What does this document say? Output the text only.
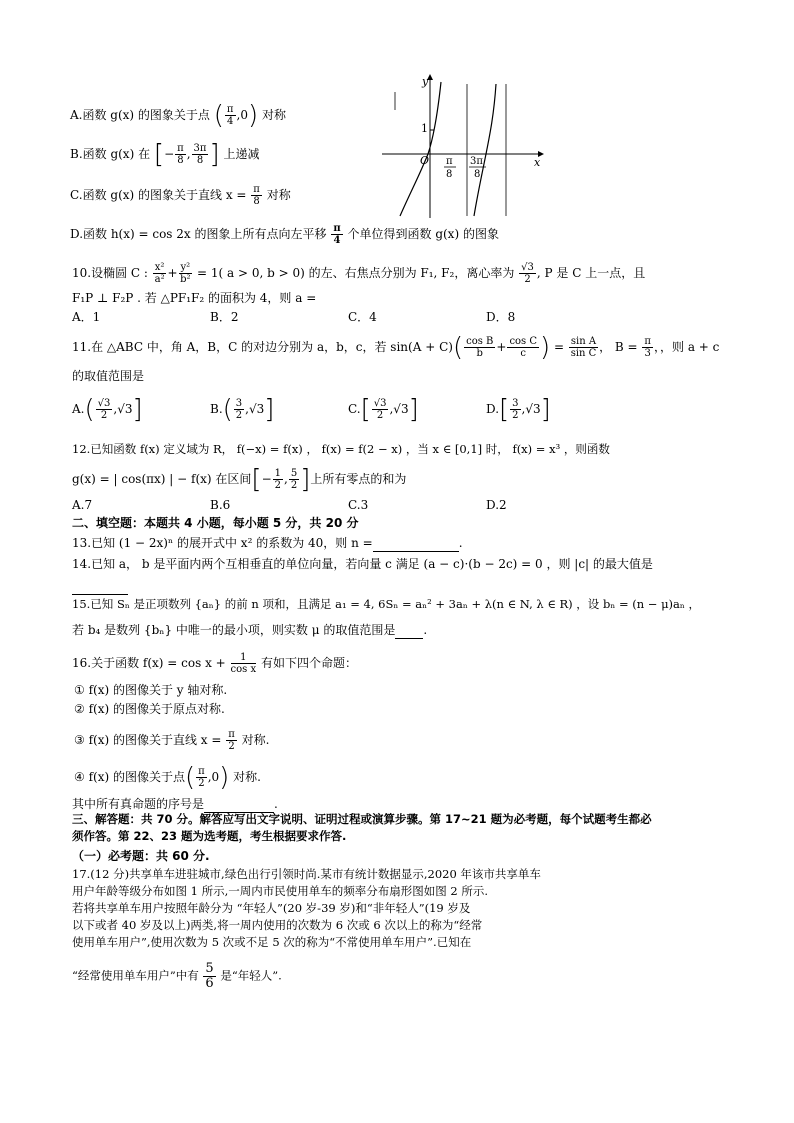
y
x
O
1
π
8
3π
8
A.函数 g(x) 的图象关于点 ( $\frac{\pi}{4} ,0$) 对称
B.函数 g(x) 在 [− $\frac{\pi}{8}$ , $\frac{3\pi}{8}$ ] 上递减
C.函数 g(x) 的图象关于直线 $x = \frac{\pi}{8}$ 对称
D.函数 h(x) = cos 2x 的图象上所有点向左平移 $\frac{\pi}{4}$ 个单位得到函数 g(x) 的图象
10.设椭圆 C : $\frac{\text{x²}}{\text{a²}} + \frac{\text{y²}}{\text{b²}} = 1$( a > 0, b > 0) 的左、右焦点分别为 F₁, F₂，离心率为 $\frac{√3}{2}$ , P 是 C 上一点，且
F₁P ⊥ F₂P . 若 △PF₁F₂ 的面积为 4，则 a =
A．1	B．2	C．4	D．8
11.在 △ABC 中，角 A，B，C 的对边分别为 a，b，c，若 $\sin(A + C)( \frac{\text{cos B}}{b} + \frac{\text{cos C}}{c}$ ) = $\frac{\text{sin A}}{\text{sin C}}$ ， $B = \frac{\pi}{3}$ ，，则 a + c
的取值范围是
$A.( \frac{√3}{2} ,√3]$	$B.( \frac{3}{2} ,√3]$	$C.[ \frac{√3}{2} ,√3]$	$D.[ \frac{3}{2} ,√3]$
12.已知函数 f(x) 定义域为 R， f(−x) = f(x) ， f(x) = f(2 − x) ，当 x ∈ [0,1] 时， f(x) = x³ ，则函数
g(x) = | cos(πx) | − f(x) 在区间[− $\frac{1}{2}$ , $\frac{5}{2}$ ]上所有零点的和为
A.7	B.6	C.3	D.2
二、填空题：本题共 4 小题，每小题 5 分，共 20 分
13.已知 (1 − 2x)ⁿ 的展开式中 x² 的系数为 40，则 n =	.
14.已知 a， b 是平面内两个互相垂直的单位向量，若向量 c 满足 (a − c)·(b − 2c) = 0 ，则 |c| 的最大值是

15.已知 Sₙ 是正项数列 {aₙ} 的前 n 项和，且满足 a₁ = 4, 6Sₙ = aₙ² + 3aₙ + λ(n ∈ N, λ ∈ R) ，设 bₙ = (n − μ)aₙ ，
若 b₄ 是数列 {bₙ} 中唯一的最小项，则实数 μ 的取值范围是 .
16.关于函数 $f(x) = \cos x + \frac{1}{\text{cos x}}$ 有如下四个命题：
① f(x) 的图像关于 y 轴对称.
② f(x) 的图像关于原点对称.
③ f(x) 的图像关于直线 $x = \frac{\pi}{2}$ 对称.
④ f(x) 的图像关于点( $\frac{\pi}{2} ,0$) 对称.
其中所有真命题的序号是	.
三、解答题：共 70 分。解答应写出文字说明、证明过程或演算步骤。第 17~21 题为必考题，每个试题考生都必
须作答。第 22、23 题为选考题，考生根据要求作答.
（一）必考题：共 60 分.
17.(12 分)共享单车进驻城市,绿色出行引领时尚.某市有统计数据显示,2020 年该市共享单车
用户年龄等级分布如图 1 所示,一周内市民使用单车的频率分布扇形图如图 2 所示.
若将共享单车用户按照年龄分为 “年轻人”(20 岁-39 岁)和“非年轻人”(19 岁及
以下或者 40 岁及以上)两类,将一周内使用的次数为 6 次或 6 次以上的称为“经常
使用单车用户”,使用次数为 5 次或不足 5 次的称为“不常使用单车用户”.已知在
“经常使用单车用户”中有 $\frac{5}{6}$ 是“年轻人”.
